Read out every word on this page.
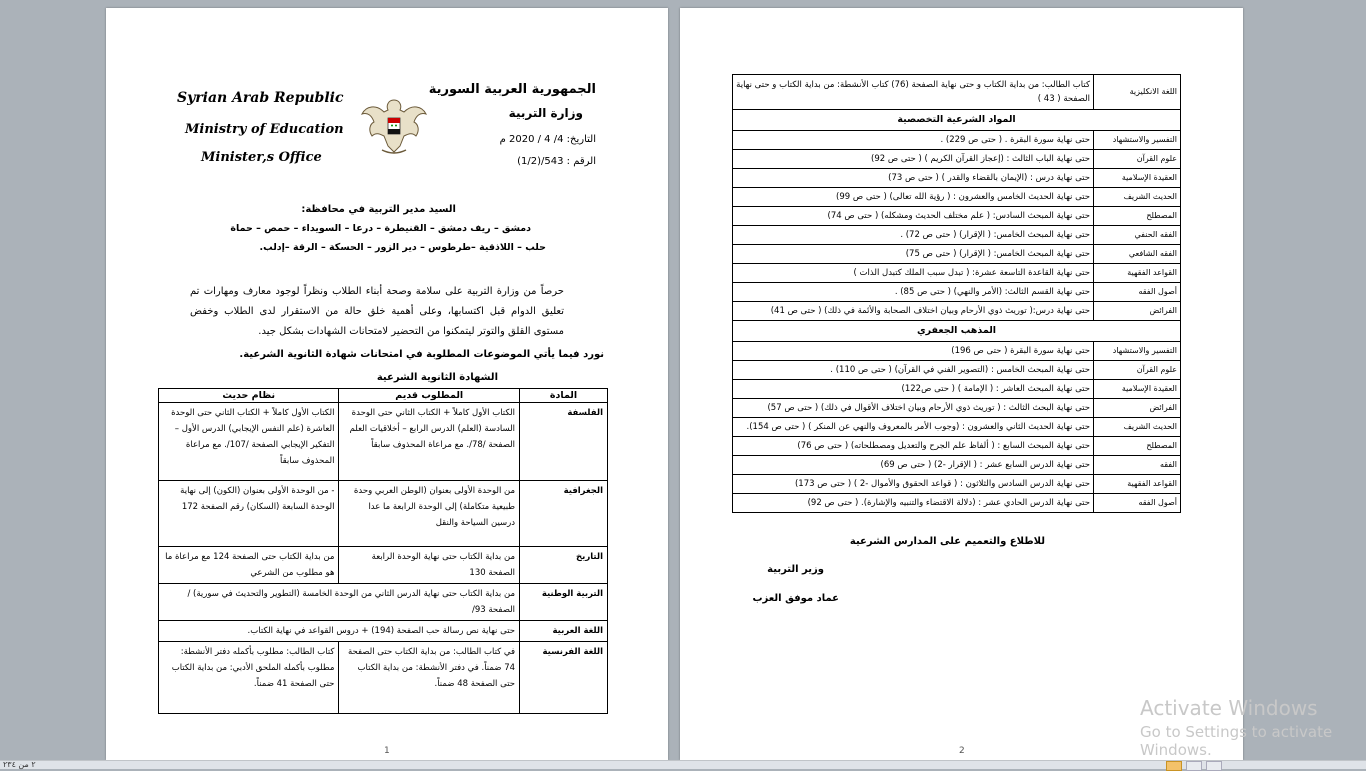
Syrian Arab Republic
Ministry of Education
Minister,s Office
الجمهورية العربية السورية
وزارة التربية
التاريخ: 4/ 4 / 2020 م
الرقم : 543/(1/2)
السيد مدير التربية في محافظة:
دمشق – ريف دمشق – القنيطرة – درعا – السويداء – حمص – حماة
حلب – اللاذقية –طرطوس – دير الزور – الحسكة – الرقة –إدلب.
حرصاً من وزارة التربية على سلامة وصحة أبناء الطلاب ونظراً لوجود معارف ومهارات تم تعليق الدوام قبل اكتسابها، وعلى أهمية خلق حالة من الاستقرار لدى الطلاب وخفض مستوى القلق والتوتر ليتمكنوا من التحضير لامتحانات الشهادات بشكل جيد.
نورد فيما يأتي الموضوعات المطلوبة في امتحانات شهادة الثانوية الشرعية.
الشهادة الثانوية الشرعية
المادة	المطلوب قديم	نظام حديث
الفلسفة	الكتاب الأول كاملاً + الكتاب الثاني حتى الوحدة السادسة (العلم) الدرس الرابع – أخلاقيات العلم الصفحة /78/. مع مراعاة المحذوف سابقاً	الكتاب الأول كاملاً + الكتاب الثاني حتى الوحدة العاشرة (علم النفس الإيجابي) الدرس الأول –التفكير الإيجابي الصفحة /107/. مع مراعاة المحذوف سابقاً
الجغرافية	من الوحدة الأولى بعنوان (الوطن العربي وحدة طبيعية متكاملة) إلى الوحدة الرابعة ما عدا درسين السياحة والنقل	- من الوحدة الأولى بعنوان (الكون) إلى نهاية الوحدة السابعة (السكان) رقم الصفحة 172
التاريخ	من بداية الكتاب حتى نهاية الوحدة الرابعة الصفحة 130	من بداية الكتاب حتى الصفحة 124 مع مراعاة ما هو مطلوب من الشرعي
التربية الوطنية	من بداية الكتاب حتى نهاية الدرس الثاني من الوحدة الخامسة (التطوير والتحديث في سورية) /الصفحة 93/	
اللغة العربية	حتى نهاية نص رسالة حب الصفحة (194) + دروس القواعد في نهاية الكتاب.	
اللغة الفرنسية	في كتاب الطالب: من بداية الكتاب حتى الصفحة 74 ضمناً. في دفتر الأنشطة: من بداية الكتاب حتى الصفحة 48 ضمناً.	كتاب الطالب: مطلوب بأكمله دفتر الأنشطة: مطلوب بأكمله الملحق الأدبي: من بداية الكتاب حتى الصفحة 41 ضمناً.
1
اللغة الانكليزية	كتاب الطالب: من بداية الكتاب و حتى نهاية الصفحة (76) كتاب الأنشطة: من بداية الكتاب و حتى نهاية الصفحة ( 43 )
المواد الشرعية التخصصية	
التفسير والاستشهاد	حتى نهاية سورة البقرة . ( حتى ص 229) .
علوم القرآن	حتى نهاية الباب الثالث : (إعجاز القرآن الكريم ) ( حتى ص 92)
العقيدة الإسلامية	حتى نهاية درس : (الإيمان بالقضاء والقدر ) ( حتى ص 73)
الحديث الشريف	حتى نهاية الحديث الخامس والعشرون : ( رؤية الله تعالى) ( حتى ص 99)
المصطلح	حتى نهاية المبحث السادس: ( علم مختلف الحديث ومشكله) ( حتى ص 74)
الفقه الحنفي	حتى نهاية المبحث الخامس: ( الإقرار) ( حتى ص 72) .
الفقه الشافعي	حتى نهاية المبحث الخامس: ( الإقرار) ( حتى ص 75)
القواعد الفقهية	حتى نهاية القاعدة التاسعة عشرة: ( تبدل سبب الملك كتبدل الذات )
أصول الفقه	حتى نهاية القسم الثالث: (الأمر والنهي) ( حتى ص 85) .
الفرائض	حتى نهاية درس:( توريث ذوي الأرحام وبيان اختلاف الصحابة والأئمة في ذلك) ( حتى ص 41)
المذهب الجعفري	
التفسير والاستشهاد	حتى نهاية سورة البقرة ( حتى ص 196)
علوم القرآن	حتى نهاية المبحث الخامس : (التصوير الفني في القرآن) ( حتى ص 110) .
العقيدة الإسلامية	حتى نهاية المبحث العاشر : ( الإمامة ) ( حتى ص122)
الفرائض	حتى نهاية البحث الثالث : ( توريث ذوي الأرحام وبيان اختلاف الأقوال في ذلك) ( حتى ص 57)
الحديث الشريف	حتى نهاية الحديث الثاني والعشرون : (وجوب الأمر بالمعروف والنهي عن المنكر ) ( حتى ص 154).
المصطلح	حتى نهاية المبحث السابع : ( ألفاظ علم الجرح والتعديل ومصطلحاته) ( حتى ص 76)
الفقه	حتى نهاية الدرس السابع عشر : ( الإقرار -2) ( حتى ص 69)
القواعد الفقهية	حتى نهاية الدرس السادس والثلاثون : ( قواعد الحقوق والأموال -2 ) ( حتى ص 173)
أصول الفقه	حتى نهاية الدرس الحادي عشر : (دلالة الاقتضاء والتنبيه والإشارة). ( حتى ص 92)
للاطلاع والتعميم على المدارس الشرعية
وزير التربية
عماد موفق العزب
2
Activate Windows
Go to Settings to activate Windows.
٢ من ٢٣٤
